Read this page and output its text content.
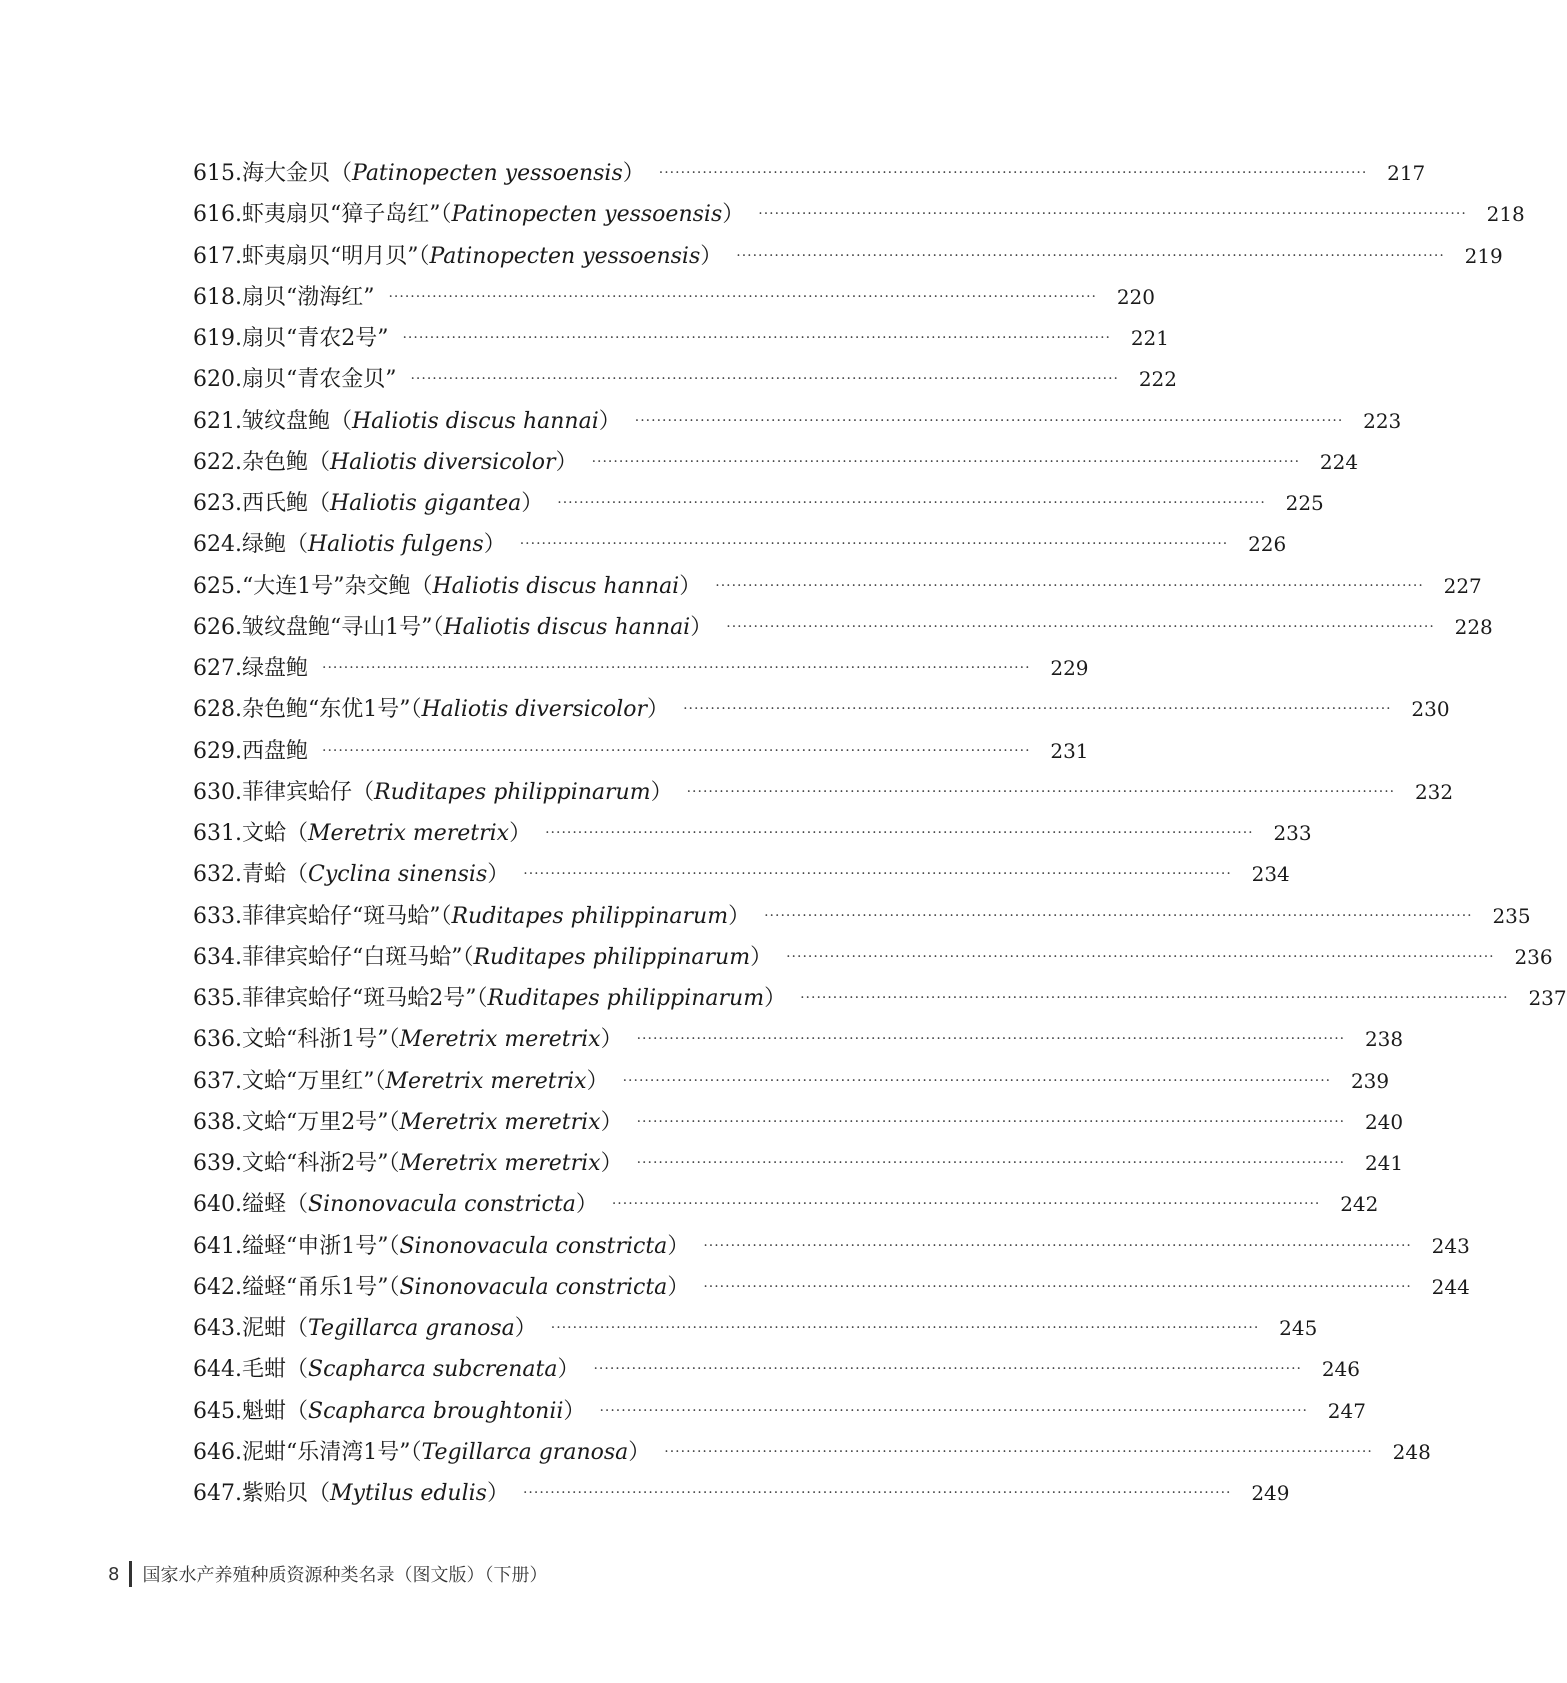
615. 海大金贝（ Patinopecten yessoensis ） ·································································································································· 217
616. 虾夷扇贝“獐子岛红”（ Patinopecten yessoensis ） ·································································································································· 218
617. 虾夷扇贝“明月贝”（ Patinopecten yessoensis ） ·································································································································· 219
618. 扇贝“渤海红” ·································································································································· 220
619. 扇贝“青农2号” ·································································································································· 221
620. 扇贝“青农金贝” ·································································································································· 222
621. 皱纹盘鲍（ Haliotis discus hannai ） ·································································································································· 223
622. 杂色鲍（ Haliotis diversicolor ） ·································································································································· 224
623. 西氏鲍（ Haliotis gigantea ） ·································································································································· 225
624. 绿鲍（ Haliotis fulgens ） ·································································································································· 226
625. “大连1号”杂交鲍（ Haliotis discus hannai ） ·································································································································· 227
626. 皱纹盘鲍“寻山1号”（ Haliotis discus hannai ） ·································································································································· 228
627. 绿盘鲍 ·································································································································· 229
628. 杂色鲍“东优1号”（ Haliotis diversicolor ） ·································································································································· 230
629. 西盘鲍 ·································································································································· 231
630. 菲律宾蛤仔（ Ruditapes philippinarum ） ·································································································································· 232
631. 文蛤（ Meretrix meretrix ） ·································································································································· 233
632. 青蛤（ Cyclina sinensis ） ·································································································································· 234
633. 菲律宾蛤仔“斑马蛤”（ Ruditapes philippinarum ） ·································································································································· 235
634. 菲律宾蛤仔“白斑马蛤”（ Ruditapes philippinarum ） ·································································································································· 236
635. 菲律宾蛤仔“斑马蛤2号”（ Ruditapes philippinarum ） ·································································································································· 237
636. 文蛤“科浙1号”（ Meretrix meretrix ） ·································································································································· 238
637. 文蛤“万里红”（ Meretrix meretrix ） ·································································································································· 239
638. 文蛤“万里2号”（ Meretrix meretrix ） ·································································································································· 240
639. 文蛤“科浙2号”（ Meretrix meretrix ） ·································································································································· 241
640. 缢蛏（ Sinonovacula constricta ） ·································································································································· 242
641. 缢蛏“申浙1号”（ Sinonovacula constricta ） ·································································································································· 243
642. 缢蛏“甬乐1号”（ Sinonovacula constricta ） ·································································································································· 244
643. 泥蚶（ Tegillarca granosa ） ·································································································································· 245
644. 毛蚶（ Scapharca subcrenata ） ·································································································································· 246
645. 魁蚶（ Scapharca broughtonii ） ·································································································································· 247
646. 泥蚶“乐清湾1号”（ Tegillarca granosa ） ·································································································································· 248
647. 紫贻贝（ Mytilus edulis ） ·································································································································· 249
8 国家水产养殖种质资源种类名录（图文版）（下册）
